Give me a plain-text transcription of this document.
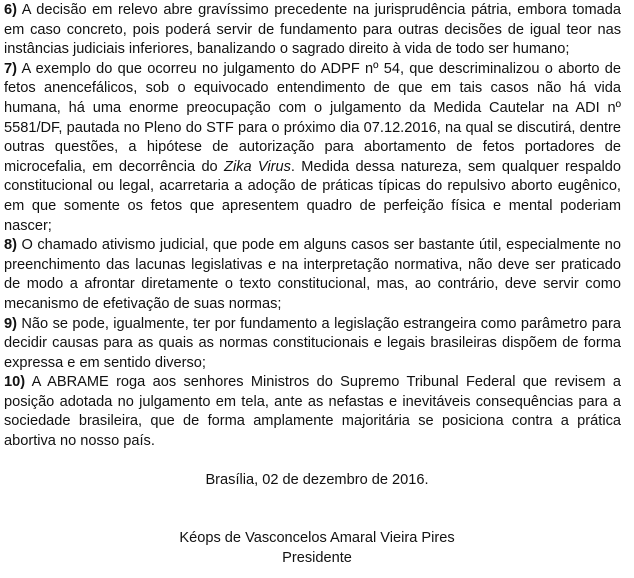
6) A decisão em relevo abre gravíssimo precedente na jurisprudência pátria, embora tomada em caso concreto, pois poderá servir de fundamento para outras decisões de igual teor nas instâncias judiciais inferiores, banalizando o sagrado direito à vida de todo ser humano;

7) A exemplo do que ocorreu no julgamento do ADPF nº 54, que descriminalizou o aborto de fetos anencefálicos, sob o equivocado entendimento de que em tais casos não há vida humana, há uma enorme preocupação com o julgamento da Medida Cautelar na ADI nº 5581/DF, pautada no Pleno do STF para o próximo dia 07.12.2016, na qual se discutirá, dentre outras questões, a hipótese de autorização para abortamento de fetos portadores de microcefalia, em decorrência do Zika Virus. Medida dessa natureza, sem qualquer respaldo constitucional ou legal, acarretaria a adoção de práticas típicas do repulsivo aborto eugênico, em que somente os fetos que apresentem quadro de perfeição física e mental poderiam nascer;

8) O chamado ativismo judicial, que pode em alguns casos ser bastante útil, especialmente no preenchimento das lacunas legislativas e na interpretação normativa, não deve ser praticado de modo a afrontar diretamente o texto constitucional, mas, ao contrário, deve servir como mecanismo de efetivação de suas normas;

9) Não se pode, igualmente, ter por fundamento a legislação estrangeira como parâmetro para decidir causas para as quais as normas constitucionais e legais brasileiras dispõem de forma expressa e em sentido diverso;

10) A ABRAME roga aos senhores Ministros do Supremo Tribunal Federal que revisem a posição adotada no julgamento em tela, ante as nefastas e inevitáveis consequências para a sociedade brasileira, que de forma amplamente majoritária se posiciona contra a prática abortiva no nosso país.

Brasília, 02 de dezembro de 2016.
Kéops de Vasconcelos Amaral Vieira Pires
Presidente
